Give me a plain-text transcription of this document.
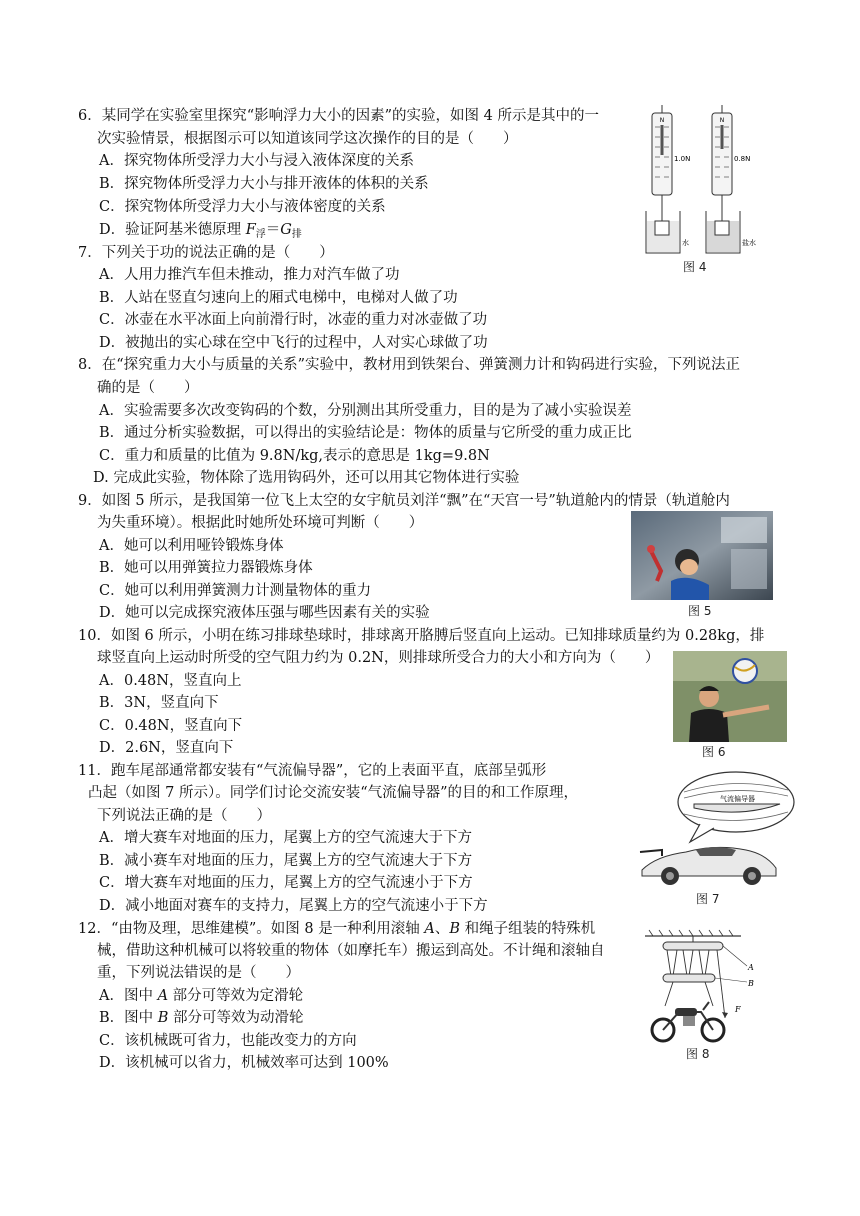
6．某同学在实验室里探究“影响浮力大小的因素”的实验，如图 4 所示是其中的一
次实验情景，根据图示可以知道该同学这次操作的目的是（　　）
A．探究物体所受浮力大小与浸入液体深度的关系
B．探究物体所受浮力大小与排开液体的体积的关系
C．探究物体所受浮力大小与液体密度的关系
D．验证阿基米德原理 $F_浮=G_排$
N
1.0N
水
N
0.8N
盐水
图 4
7．下列关于功的说法正确的是（　　）
A．人用力推汽车但未推动，推力对汽车做了功
B．人站在竖直匀速向上的厢式电梯中，电梯对人做了功
C．冰壶在水平冰面上向前滑行时，冰壶的重力对冰壶做了功
D．被抛出的实心球在空中飞行的过程中，人对实心球做了功
8．在“探究重力大小与质量的关系”实验中，教材用到铁架台、弹簧测力计和钩码进行实验，下列说法正
确的是（　　）
A．实验需要多次改变钩码的个数，分别测出其所受重力，目的是为了减小实验误差
B．通过分析实验数据，可以得出的实验结论是：物体的质量与它所受的重力成正比
C．重力和质量的比值为 9.8N/kg,表示的意思是 1kg=9.8N
D. 完成此实验，物体除了选用钩码外，还可以用其它物体进行实验
9．如图 5 所示，是我国第一位飞上太空的女宇航员刘洋“飘”在“天宫一号”轨道舱内的情景（轨道舱内
为失重环境）。根据此时她所处环境可判断（　　）
A．她可以利用哑铃锻炼身体
B．她可以用弹簧拉力器锻炼身体
C．她可以利用弹簧测力计测量物体的重力
D．她可以完成探究液体压强与哪些因素有关的实验	图 5
10．如图 6 所示，小明在练习排球垫球时，排球离开胳膊后竖直向上运动。已知排球质量约为 0.28kg，排
球竖直向上运动时所受的空气阻力约为 0.2N，则排球所受合力的大小和方向为（　　）
A．0.48N，竖直向上
B．3N，竖直向下
C．0.48N，竖直向下
D．2.6N，竖直向下	图 6
11．跑车尾部通常都安装有“气流偏导器”，它的上表面平直，底部呈弧形
凸起（如图 7 所示）。同学们讨论交流安装“气流偏导器”的目的和工作原理，
下列说法正确的是（　　）
A．增大赛车对地面的压力，尾翼上方的空气流速大于下方
B．减小赛车对地面的压力，尾翼上方的空气流速大于下方
C．增大赛车对地面的压力，尾翼上方的空气流速小于下方
D．减小地面对赛车的支持力，尾翼上方的空气流速小于下方
气流偏导器
图 7
12．“由物及理，思维建模”。如图 8 是一种利用滚轴 A、B 和绳子组装的特殊机
械，借助这种机械可以将较重的物体（如摩托车）搬运到高处。不计绳和滚轴自
重，下列说法错误的是（　　）
A．图中 A 部分可等效为定滑轮
B．图中 B 部分可等效为动滑轮
C．该机械既可省力，也能改变力的方向
D．该机械可以省力，机械效率可达到 100%
A
B
F
图 8
